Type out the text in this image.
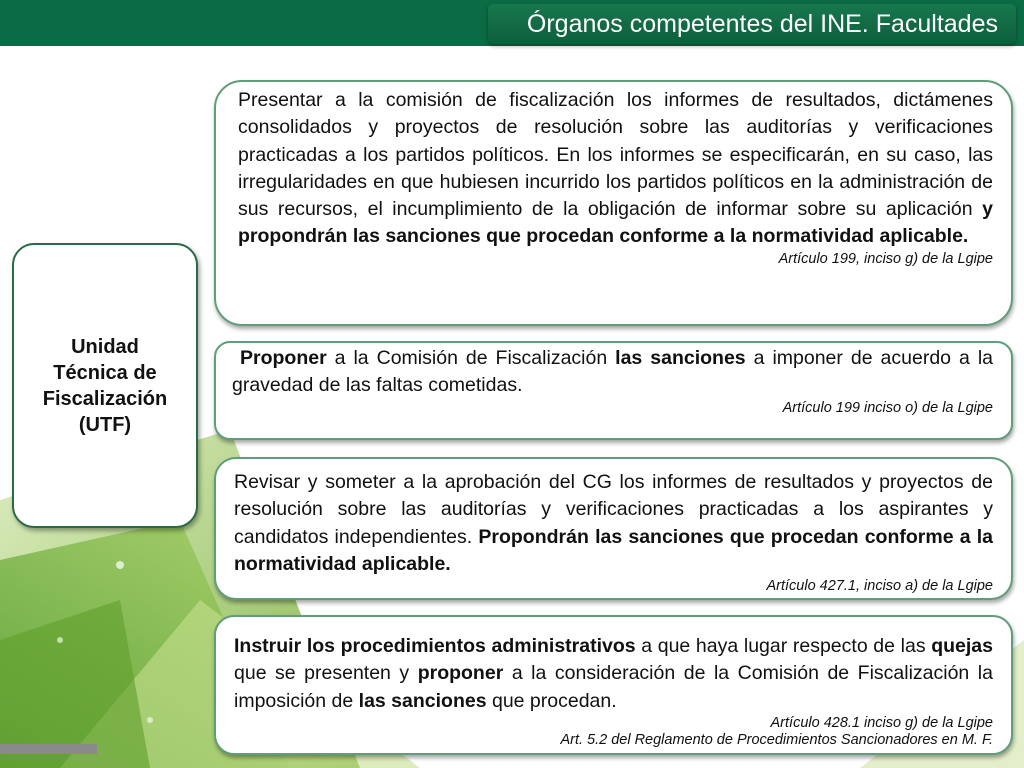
Órganos competentes del INE. Facultades
Unidad
Técnica de
Fiscalización
(UTF)

Presentar a la comisión de fiscalización los informes de resultados, dictámenes consolidados y proyectos de resolución sobre las auditorías y verificaciones practicadas a los partidos políticos. En los informes se especificarán, en su caso, las irregularidades en que hubiesen incurrido los partidos políticos en la administración de sus recursos, el incumplimiento de la obligación de informar sobre su aplicación y propondrán las sanciones que procedan conforme a la normatividad aplicable.

Artículo 199, inciso g) de la Lgipe

Proponer a la Comisión de Fiscalización las sanciones a imponer de acuerdo a la gravedad de las faltas cometidas.

Artículo 199 inciso o) de la Lgipe

Revisar y someter a la aprobación del CG los informes de resultados y proyectos de resolución sobre las auditorías y verificaciones practicadas a los aspirantes y candidatos independientes. Propondrán las sanciones que procedan conforme a la normatividad aplicable.

Artículo 427.1, inciso a) de la Lgipe

Instruir los procedimientos administrativos a que haya lugar respecto de las quejas que se presenten y proponer a la consideración de la Comisión de Fiscalización la imposición de las sanciones que procedan.

Artículo 428.1 inciso g) de la Lgipe
Art. 5.2 del Reglamento de Procedimientos Sancionadores en M. F.
